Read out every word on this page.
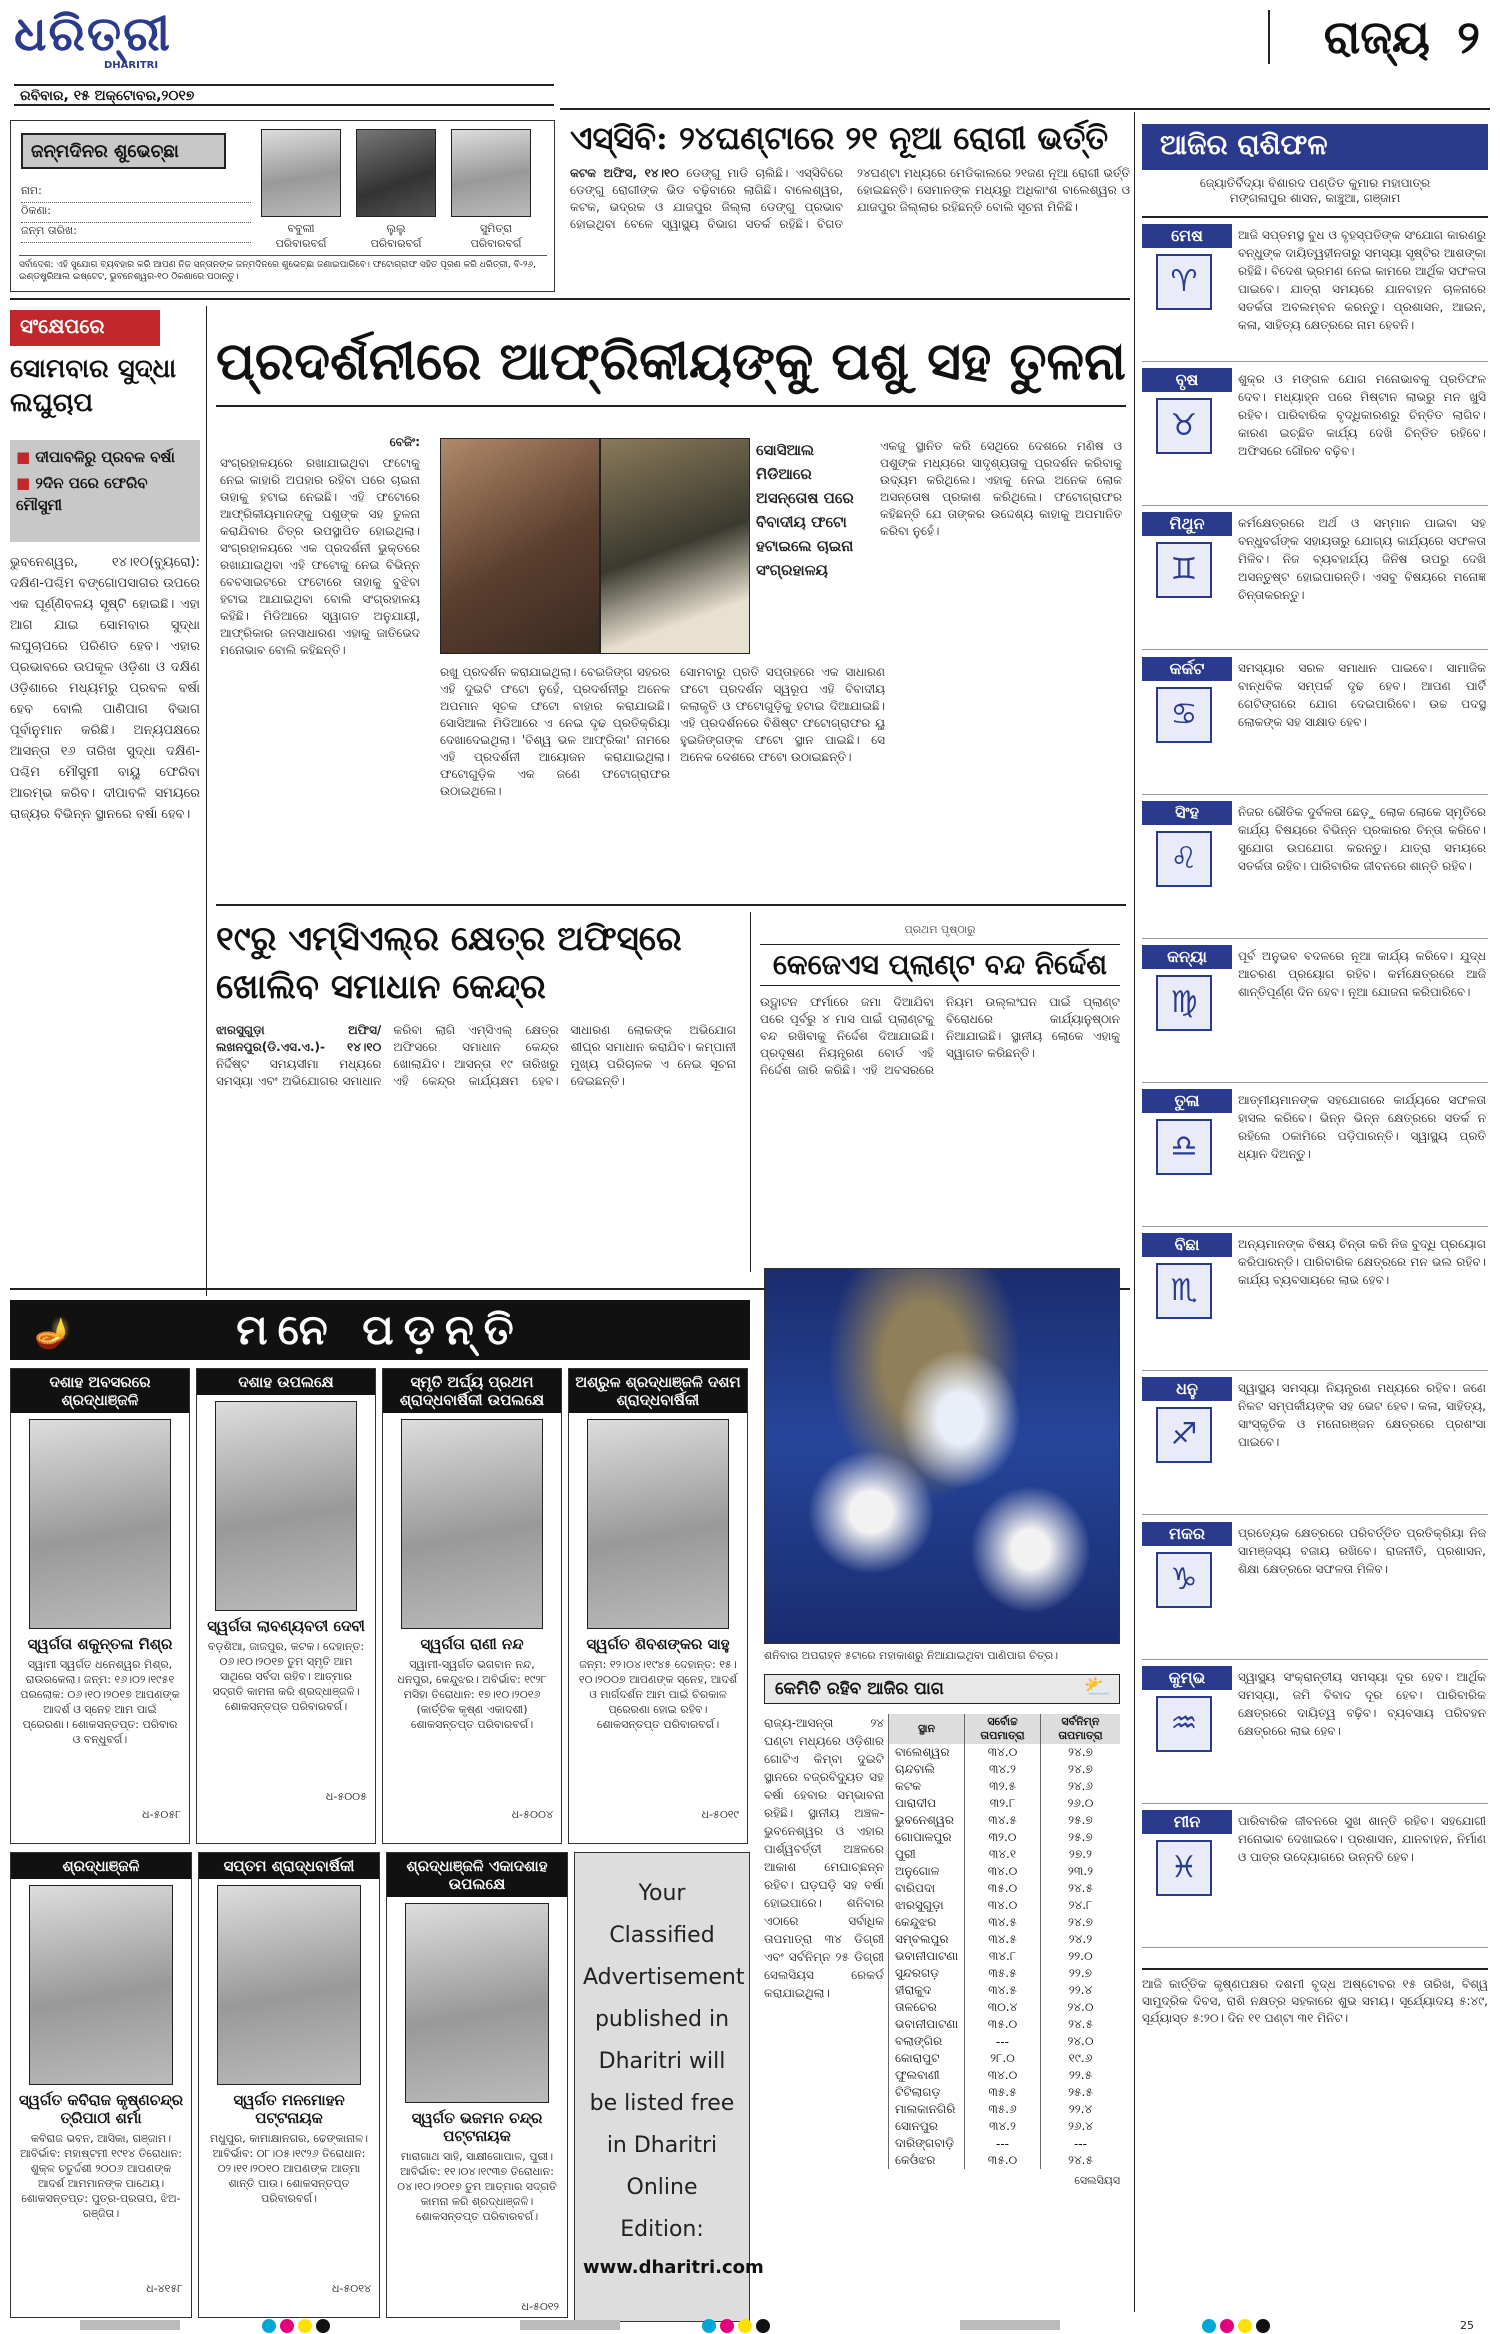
ଧରିତ୍ରୀ
DHARITRI
ରବିବାର, ୧୫ ଅକ୍ଟୋବର,୨୦୧୭
ରାଜ୍ୟ ୨
ଜନ୍ମଦିନର ଶୁଭେଚ୍ଛା
ନାମ:
ଠିକଣା:
ଜନ୍ମ ତାରିଖ:	ବବୁଲୀ
ପରିବାରବର୍ଗ
ଲୁଲୁ
ପରିବାରବର୍ଗ
ସୁମିତ୍ରା
ପରିବାରବର୍ଗ
ସର୍ବାଦେଶ: ଏହି ସୁଯୋଗ ବ୍ୟବହାର କରି ଆପଣ ନିଜ ସନ୍ତାନଙ୍କ ଜନ୍ମଦିନରେ ଶୁଭେଚ୍ଛା ଜଣାଇପାରିବେ। ଫଟୋଗ୍ରାଫ ସହିତ ପୂରଣ କରି ଧରିତ୍ରୀ, ବି-୨୬, ଇଣ୍ଡଷ୍ଟ୍ରିଆଲ ଇଷ୍ଟେଟ, ଭୁବନେଶ୍ୱର-୧୦ ଠିକଣାରେ ପଠାନ୍ତୁ।
ଏସ୍‌ସିବି: ୨୪ଘଣ୍ଟାରେ ୨୧ ନୂଆ ରୋଗୀ ଭର୍ତ୍ତି
କଟକ ଅଫିସ, ୧୪।୧୦ ଡେଙ୍ଗୁ ମାଡି ଚାଲିଛି। ଏସ୍‌ସିବିରେ ଡେଙ୍ଗୁ ରୋଗୀଙ୍କ ଭିଡ ବଢ଼ିବାରେ ଲାଗିଛି। ବାଲେଶ୍ୱର, କଟକ, ଭଦ୍ରକ ଓ ଯାଜପୁର ଜିଲ୍ଲା ଡେଙ୍ଗୁ ପ୍ରଭାବ ହୋଇଥିବା ବେଳେ ସ୍ୱାସ୍ଥ୍ୟ ବିଭାଗ ସତର୍କ ରହିଛି। ବିଗତ ୨୪ଘଣ୍ଟା ମଧ୍ୟରେ ମେଡିକାଲରେ ୨୧ଜଣ ନୂଆ ରୋଗୀ ଭର୍ତ୍ତି ହୋଇଛନ୍ତି। ସେମାନଙ୍କ ମଧ୍ୟରୁ ଅଧିକାଂଶ ବାଲେଶ୍ୱର ଓ ଯାଜପୁର ଜିଲ୍ଲାର ରହିଛନ୍ତି ବୋଲି ସୂଚନା ମିଳିଛି।
ଆଜିର ରାଶିଫଳ
ଜ୍ୟୋତିର୍ବିଦ୍ୟା ବିଶାରଦ ପଣ୍ଡିତ କୁମାର ମହାପାତ୍ର
ମଙ୍ଗଳାପୁର ଶାସନ, କାଞ୍ଚୁଆ, ଗଞ୍ଜାମ
ମେଷ
♈
ଆଜି ସପ୍ତମସ୍ଥ ବୁଧ ଓ ବୃହସ୍ପତିଙ୍କ ସଂଯୋଗ କାରଣରୁ ବନ୍ଧୁଙ୍କ ଦାୟିତ୍ୱହୀନତାରୁ ସମସ୍ୟା ସୃଷ୍ଟିର ଆଶଙ୍କା ରହିଛି। ବିଦେଶ ଭ୍ରମଣ ନେଇ କାମରେ ଆର୍ଥିକ ସଫଳତା ପାଇବେ। ଯାତ୍ରା ସମୟରେ ଯାନବାହନ ଚାଳନାରେ ସତର୍କତା ଅବଲମ୍ବନ କରନ୍ତୁ। ପ୍ରଶାସନ, ଆଇନ, କଳା, ସାହିତ୍ୟ କ୍ଷେତ୍ରରେ ନାମ ହେବନି।
ବୃଷ
♉
ଶୁକ୍ର ଓ ମଙ୍ଗଳ ଯୋଗ ମନୋଭାବକୁ ପ୍ରତିଫଳ ଦେବ। ମଧ୍ୟାହ୍ନ ପରେ ମିଷ୍ଟାନ ଲାଭରୁ ମନ ଖୁସି ରହିବ। ପାରିବାରିକ ବୃଦ୍ଧିକାରଣରୁ ଚିନ୍ତିତ ଲାଗିବ। କାରଣ ଇଚ୍ଛିତ କାର୍ଯ୍ୟ ଦେଖି ଚିନ୍ତିତ ରହିବେ। ଅଫିସରେ ଗୌରବ ବଢ଼ିବ।
ମିଥୁନ
♊
କର୍ମକ୍ଷେତ୍ରରେ ଅର୍ଥ ଓ ସମ୍ମାନ ପାଇବା ସହ ବନ୍ଧୁବର୍ଗଙ୍କ ସହାୟତାରୁ ଯୋଗ୍ୟ କାର୍ଯ୍ୟରେ ସଫଳତା ମିଳିବ। ନିଜ ବ୍ୟବହାର୍ଯ୍ୟ ଜିନିଷ ଉପରୁ ଦେଖି ଅସନ୍ତୁଷ୍ଟ ହୋଇପାରନ୍ତି। ଏସବୁ ବିଷୟରେ ମନୋଜ୍ଞ ଚିନ୍ତାକରନ୍ତୁ।
କର୍କଟ
♋
ସମସ୍ୟାର ସରଳ ସମାଧାନ ପାଇବେ। ସାମାଜିକ ବାନ୍ଧବିକ ସମ୍ପର୍କ ଦୃଢ ହେବ। ଆପଣ ପାର୍ଟି ଗେଟିଙ୍ଗରେ ଯୋଗ ଦେଇପାରିବେ। ଉଚ୍ଚ ପଦସ୍ଥ ଲୋକଙ୍କ ସହ ସାକ୍ଷାତ ହେବ।
ସିଂହ
♌
ନିଜର ଭୌତିକ ଦୁର୍ବଳତା ଛେଡ଼ୁ ଲୋକ ଲୋକେ ସ୍ମୃତିରେ କାର୍ଯ୍ୟ ବିଷୟରେ ବିଭିନ୍ନ ପ୍ରକାରର ଚିନ୍ତା କରିବେ। ସୁଯୋଗ ଉପଯୋଗ କରନ୍ତୁ। ଯାତ୍ରା ସମୟରେ ସତର୍କତା ରହିବ। ପାରିବାରିକ ଜୀବନରେ ଶାନ୍ତି ରହିବ।
କନ୍ୟା
♍
ପୂର୍ବ ଅନୁଭବ ବଦଳରେ ନୂଆ କାର୍ଯ୍ୟ କରିବେ। ଯୁଦ୍ଧ ଆଚରଣ ପ୍ରୟୋଗ ରହିବ। କର୍ମକ୍ଷେତ୍ରରେ ଆଜି ଶାନ୍ତିପୂର୍ଣ୍ଣ ଦିନ ହେବ। ନୂଆ ଯୋଜନା କରିପାରିବେ।
ତୁଳା
♎
ଆତ୍ମୀୟମାନଙ୍କ ସହଯୋଗରେ କାର୍ଯ୍ୟରେ ସଫଳତା ହାସଲ କରିବେ। ଭିନ୍ନ ଭିନ୍ନ କ୍ଷେତ୍ରରେ ସତର୍କ ନ ରହିଲେ ଠକାମିରେ ପଡ଼ିପାରନ୍ତି। ସ୍ୱାସ୍ଥ୍ୟ ପ୍ରତି ଧ୍ୟାନ ଦିଅନ୍ତୁ।
ବିଛା
♏
ଅନ୍ୟମାନଙ୍କ ବିଷୟ ଚିନ୍ତା କରି ନିଜ ବୁଦ୍ଧି ପ୍ରୟୋଗ କରିପାରନ୍ତି। ପାରିବାରିକ କ୍ଷେତ୍ରରେ ମନ ଭଲ ରହିବ। କାର୍ଯ୍ୟ ବ୍ୟବସାୟରେ ଲାଭ ହେବ।
ଧନୁ
♐
ସ୍ୱାସ୍ଥ୍ୟ ସମସ୍ୟା ନିୟନ୍ତ୍ରଣ ମଧ୍ୟରେ ରହିବ। ଜଣେ ନିକଟ ସମ୍ପର୍କୀୟଙ୍କ ସହ ଭେଟ ହେବ। କଳା, ସାହିତ୍ୟ, ସାଂସ୍କୃତିକ ଓ ମନୋରଞ୍ଜନ କ୍ଷେତ୍ରରେ ପ୍ରଶଂସା ପାଇବେ।
ମକର
♑
ପ୍ରତ୍ୟେକ କ୍ଷେତ୍ରରେ ପରିବର୍ତ୍ତିତ ପ୍ରତିକ୍ରିୟା ନିଜ ସାମଞ୍ଜସ୍ୟ ବଜାୟ ରଖିବେ। ରାଜନୀତି, ପ୍ରଶାସନ, ଶିକ୍ଷା କ୍ଷେତ୍ରରେ ସଫଳତା ମିଳିବ।
କୁମ୍ଭ
♒
ସ୍ୱାସ୍ଥ୍ୟ ସଂକ୍ରାନ୍ତୀୟ ସମସ୍ୟା ଦୂର ହେବ। ଆର୍ଥିକ ସମସ୍ୟା, ଜମି ବିବାଦ ଦୂର ହେବ। ପାରିବାରିକ କ୍ଷେତ୍ରରେ ଦାୟିତ୍ୱ ବଢ଼ିବ। ବ୍ୟବସାୟ ପରିବହନ କ୍ଷେତ୍ରରେ ଲାଭ ହେବ।
ମୀନ
♓
ପାରିବାରିକ ଜୀବନରେ ସୁଖ ଶାନ୍ତି ରହିବ। ସହଯୋଗୀ ମନୋଭାବ ଦେଖାଇବେ। ପ୍ରଶାସନ, ଯାନବାହନ, ନିର୍ମାଣ ଓ ପାତ୍ର ଉଦ୍ୟୋଗରେ ଉନ୍ନତି ହେବ।
ଆଜି କାର୍ତ୍ତିକ କୃଷ୍ଣପକ୍ଷର ଦଶମୀ ବୃଦ୍ଧ ଅଷ୍ଟୋବର ୧୫ ତାରିଖ, ବିଶ୍ୱ ସାମୁଦ୍ରିକ ଦିବସ, ରାଶି ନକ୍ଷତ୍ର ସହକାରେ ଶୁଭ ସମୟ। ସୂର୍ଯ୍ୟୋଦୟ ୫:୪୯, ସୂର୍ଯ୍ୟାସ୍ତ ୫:୨୦। ଦିନ ୧୧ ଘଣ୍ଟା ୩୧ ମିନିଟ।
ସଂକ୍ଷେପରେ
ସୋମବାର ସୁଦ୍ଧା ଲଘୁଚାପ
■ ଦୀପାବଳିରୁ ପ୍ରବଳ ବର୍ଷା
■ ୨ଦିନ ପରେ ଫେରିବ ମୌସୁମୀ
ଭୁବନେଶ୍ୱର, ୧୪।୧୦(ବ୍ୟୁରୋ): ଦକ୍ଷିଣ-ପଶ୍ଚିମ ବଙ୍ଗୋପସାଗର ଉପରେ ଏକ ଘୂର୍ଣ୍ଣିବଳୟ ସୃଷ୍ଟି ହୋଇଛି। ଏହା ଆଗ ଯାଇ ସୋମବାର ସୁଦ୍ଧା ଲଘୁଚାପରେ ପରିଣତ ହେବ। ଏହାର ପ୍ରଭାବରେ ଉପକୂଳ ଓଡ଼ିଶା ଓ ଦକ୍ଷିଣ ଓଡ଼ିଶାରେ ମଧ୍ୟମରୁ ପ୍ରବଳ ବର୍ଷା ହେବ ବୋଲି ପାଣିପାଗ ବିଭାଗ ପୂର୍ବାନୁମାନ କରିଛି। ଅନ୍ୟପକ୍ଷରେ ଆସନ୍ତା ୧୬ ତାରିଖ ସୁଦ୍ଧା ଦକ୍ଷିଣ-ପଶ୍ଚିମ ମୌସୁମୀ ବାୟୁ ଫେରିବା ଆରମ୍ଭ କରିବ। ଦୀପାବଳି ସମୟରେ ରାଜ୍ୟର ବିଭିନ୍ନ ସ୍ଥାନରେ ବର୍ଷା ହେବ।
ପ୍ରଦର୍ଶନୀରେ ଆଫ୍ରିକୀୟଙ୍କୁ ପଶୁ ସହ ତୁଳନା
ବେଜିଂ:
ସଂଗ୍ରହାଳୟରେ ରଖାଯାଇଥିବା ଫଟୋକୁ ନେଇ କାହାରି ଅପହାର ରହିବା ପରେ ଚାଇନା ତାହାକୁ ହଟାଇ ନେଇଛି। ଏହି ଫଟୋରେ ଆଫ୍ରିକୀୟମାନଙ୍କୁ ପଶୁଙ୍କ ସହ ତୁଳନା କରାଯିବାର ଚିତ୍ର ଉପସ୍ଥାପିତ ହୋଇଥିଲା। ସଂଗ୍ରହାଳୟରେ ଏକ ପ୍ରଦର୍ଶନୀ ଭୁକ୍ତରେ ରଖାଯାଇଥିବା ଏହି ଫଟୋକୁ ନେଇ ବିଭିନ୍ନ ବେବସାଇଟରେ ଫଟୋରେ ତାହାକୁ ବୁଝିବା ହଟାଇ ଆଯାଇଥିବା ବୋଲି ସଂଗ୍ରହାଳୟ କହିଛି। ମିଡିଆରେ ସ୍ୱାଗତ ଅନୁଯାୟୀ, ଆଫ୍ରିକାର ଜନସାଧାରଣ ଏହାକୁ ଜାତିଭେଦ ମନୋଭାବ ବୋଲି କହିଛନ୍ତି।
ସୋସିଆଲ ମିଡିଆରେ ଅସନ୍ତୋଷ ପରେ ବିବାଦୀୟ ଫଟୋ ହଟାଇଲେ ଚାଇନା ସଂଗ୍ରହାଳୟ
ରଖୁ ପ୍ରଦର୍ଶନ କରାଯାଇଥିଲା। ବେଇଜିଙ୍ଗ ସହରର ଏହି ଦୁଇଟି ଫଟୋ ନୁହେଁ, ପ୍ରଦର୍ଶନୀରୁ ଅନେକ ଅପମାନ ସୂଚକ ଫଟୋ ବାହାର କରାଯାଇଛି। ସୋସିଆଲ ମିଡିଆରେ ଏ ନେଇ ଦୃଢ ପ୍ରତିକ୍ରିୟା ଦେଖାଦେଇଥିଲା। 'ବିଶ୍ୱ ଭଳ ଆଫ୍ରିକା' ନାମରେ ଏହି ପ୍ରଦର୍ଶନୀ ଆୟୋଜନ କରାଯାଇଥିଲା। ଫଟୋଗୁଡ଼ିକ ଏକ ଜଣେ ଫଟୋଗ୍ରାଫର ଉଠାଇଥିଲେ।
ସୋମବାରୁ ପ୍ରତି ସପ୍ତାହରେ ଏକ ସାଧାରଣ ଫଟୋ ପ୍ରଦର୍ଶନ ସ୍ୱରୂପ ଏହି ବିବାଦୀୟ କଲାକୃତି ଓ ଫଟୋଗୁଡ଼ିକୁ ହଟାଇ ଦିଆଯାଇଛି। ଏହି ପ୍ରଦର୍ଶନରେ ବିଶିଷ୍ଟ ଫଟୋଗ୍ରାଫର ୟୁ ହୁଇଜିଙ୍ଗଙ୍କ ଫଟୋ ସ୍ଥାନ ପାଇଛି। ସେ ଅନେକ ଦେଶରେ ଫଟୋ ଉଠାଇଛନ୍ତି।
ଏକଜୁ ସ୍ଥାନିତ କରି ସେଥିରେ ଦେଶରେ ମଣିଷ ଓ ପଶୁଙ୍କ ମଧ୍ୟରେ ସାଦୃଶ୍ୟତାକୁ ପ୍ରଦର୍ଶନ କରିବାକୁ ଉଦ୍ୟମ କରିଥିଲେ। ଏହାକୁ ନେଇ ଅନେକ ଲୋକ ଅସନ୍ତୋଷ ପ୍ରକାଶ କରିଥିଲେ। ଫଟୋଗ୍ରାଫର କହିଛନ୍ତି ଯେ ତାଙ୍କର ଉଦ୍ଦେଶ୍ୟ କାହାକୁ ଅପମାନିତ କରିବା ନୁହେଁ।
୧୯ରୁ ଏମ୍‌ସିଏଲ୍‌ର କ୍ଷେତ୍ର ଅଫିସ୍‌ରେ
ଖୋଲିବ ସମାଧାନ କେନ୍ଦ୍ର
ଝାରସୁଗୁଡ଼ା ଅଫିସ/ ଲଖନପୁର(ଡି.ଏସ.ଏ.)- ୧୪।୧୦ ନିର୍ଦ୍ଦିଷ୍ଟ ସମୟସୀମା ମଧ୍ୟରେ ସମସ୍ୟା ଏବଂ ଅଭିଯୋଗର ସମାଧାନ କରିବା ଲାଗି ଏମ୍‌ସିଏଲ୍ କ୍ଷେତ୍ର ଅଫିସରେ ସମାଧାନ କେନ୍ଦ୍ର ଖୋଲାଯିବ। ଆସନ୍ତା ୧୯ ତାରିଖରୁ ଏହି କେନ୍ଦ୍ର କାର୍ଯ୍ୟକ୍ଷମ ହେବ। ସାଧାରଣ ଲୋକଙ୍କ ଅଭିଯୋଗ ଶୀଘ୍ର ସମାଧାନ କରାଯିବ। କମ୍ପାନୀ ମୁଖ୍ୟ ପରିଚାଳକ ଏ ନେଇ ସୂଚନା ଦେଇଛନ୍ତି।
ପ୍ରଥମ ପୃଷ୍ଠାରୁ
କେଜେଏସ ପ୍ଲାଣ୍ଟ ବନ୍ଦ ନିର୍ଦ୍ଦେଶ
ଉଦ୍ଘାଟନ ଫର୍ମାରେ ଜମା ଦିଆଯିବା ପରେ ପୂର୍ବରୁ ୪ ମାସ ପାଇଁ ପ୍ଲାଣ୍ଟକୁ ବନ୍ଦ ରଖିବାକୁ ନିର୍ଦ୍ଦେଶ ଦିଆଯାଇଛି। ପ୍ରଦୂଷଣ ନିୟନ୍ତ୍ରଣ ବୋର୍ଡ ଏହି ନିର୍ଦ୍ଦେଶ ଜାରି କରିଛି। ଏହି ଅବସରରେ ନିୟମ ଉଲ୍ଲଂଘନ ପାଇଁ ପ୍ଲାଣ୍ଟ ବିରୋଧରେ କାର୍ଯ୍ୟାନୁଷ୍ଠାନ ନିଆଯାଇଛି। ସ୍ଥାନୀୟ ଲୋକେ ଏହାକୁ ସ୍ୱାଗତ କରିଛନ୍ତି।
ଶନିବାର ଅପରାହ୍ନ ୫ଟାରେ ମହାକାଶରୁ ନିଆଯାଇଥିବା ପାଣିପାଗ ଚିତ୍ର।
କେମିତି ରହିବ ଆଜିର ପାଗ	⛅
ରାଜ୍ୟ-ଆସନ୍ତା ୨୪ ଘଣ୍ଟା ମଧ୍ୟରେ ଓଡ଼ିଶାର ଗୋଟିଏ କିମ୍ବା ଦୁଇଟି ସ୍ଥାନରେ ବଜ୍ରବିଦ୍ୟୁତ ସହ ବର୍ଷା ହେବାର ସମ୍ଭାବନା ରହିଛି। ସ୍ଥାନୀୟ ଅଞ୍ଚଳ- ଭୁବନେଶ୍ୱର ଓ ଏହାର ପାର୍ଶ୍ୱବର୍ତ୍ତୀ ଅଞ୍ଚଳରେ ଆକାଶ ମେଘାଚ୍ଛନ୍ନ ରହିବ। ଘଡ଼ଘଡ଼ି ସହ ବର୍ଷା ହୋଇପାରେ। ଶନିବାର ଏଠାରେ ସର୍ବାଧିକ ତାପମାତ୍ରା ୩୪ ଡିଗ୍ରୀ ଏବଂ ସର୍ବନିମ୍ନ ୨୫ ଡିଗ୍ରୀ ସେଲସିୟସ ରେକର୍ଡ କରାଯାଇଥିଲା।
ସ୍ଥାନ	ସର୍ବୋଚ୍ଚ ତାପମାତ୍ରା	ସର୍ବନିମ୍ନ ତାପମାତ୍ରା
ବାଲେଶ୍ୱର	୩୪.୦	୨୪.୭
ଚାନ୍ଦବାଲି	୩୪.୨	୨୪.୭
କଟକ	୩୨.୫	୨୪.୬
ପାରାଦୀପ	୩୨.୮	୨୬.୦
ଭୁବନେଶ୍ୱର	୩୪.୫	୨୫.୭
ଗୋପାଳପୁର	୩୨.୦	୨୫.୭
ପୁରୀ	୩୪.୧	୨୭.୨
ଅନୁଗୋଳ	୩୪.୦	୨୩.୨
ବାରିପଦା	୩୫.୦	୨୪.୫
ଝାରସୁଗୁଡ଼ା	୩୪.୦	୨୪.୮
କେନ୍ଦୁଝର	୩୪.୫	୨୪.୭
ସମ୍ବଲପୁର	୩୪.୫	୨୪.୨
ଭବାନୀପାଟଣା	୩୪.୮	୨୨.୦
ସୁନ୍ଦରଗଡ଼	୩୫.୫	୨୨.୭
ହୀରାକୁଦ	୩୪.୫	୨୨.୪
ତାଳଚେର	୩୦.୪	୨୪.୦
ଭବାନୀପାଟଣା	୩୫.୦	୨୪.୫
ବଲାଙ୍ଗିର	---	୨୪.୦
କୋରାପୁଟ	୨୮.୦	୧୯.୬
ଫୁଲବାଣୀ	୩୪.୦	୨୨.୫
ଟିଟିଲାଗଡ଼	୩୫.୫	୨୫.୫
ମାଲକାନଗିରି	୩୫.୬	୨୨.୪
ସୋନପୁର	୩୪.୨	୨୬.୪
ଦାରିଙ୍ଗବାଡ଼ି	---	---
କେଓଁଝର	୩୫.୦	୨୪.୫
ସେଲସିୟସ
🪔	ମନେ ପଡ଼ନ୍ତି
ଦଶାହ ଅବସରରେ ଶ୍ରଦ୍ଧାଞ୍ଜଳି
ସ୍ୱର୍ଗତା ଶକୁନ୍ତଳା ମିଶ୍ର
ସ୍ୱାମୀ ସ୍ୱର୍ଗତ ଧନେଶ୍ୱର ମିଶ୍ର, ରାଉରକେଲା। ଜନ୍ମ: ୧୬।୦୨।୧୯୫୧ ପରଲୋକ: ୦୬।୧୦।୨୦୧୭ ଆପଣଙ୍କ ଆଦର୍ଶ ଓ ସ୍ନେହ ଆମ ପାଇଁ ପ୍ରେରଣା। ଶୋକସନ୍ତପ୍ତ: ପରିବାର ଓ ବନ୍ଧୁବର୍ଗ।
ଧ-୫୦୫୮
ଦଶାହ ଉପଲକ୍ଷେ
ସ୍ୱର୍ଗତା ଲାବଣ୍ୟବତୀ ଦେବୀ
ବଡ଼ଶିଆ, ଜାଜପୁର, କଟକ। ଦେହାନ୍ତ: ୦୬।୧୦।୨୦୧୭ ତୁମ ସ୍ମୃତି ଆମ ସାଥିରେ ସର୍ବଦା ରହିବ। ଆତ୍ମାର ସଦ୍ଗତି କାମନା କରି ଶ୍ରଦ୍ଧାଞ୍ଜଳି। ଶୋକସନ୍ତପ୍ତ ପରିବାରବର୍ଗ।
ଧ-୫୦୦୫
ସ୍ମୃତି ଅର୍ଘ୍ୟ ପ୍ରଥମ ଶ୍ରାଦ୍ଧବାର୍ଷିକୀ ଉପଲକ୍ଷେ
ସ୍ୱର୍ଗତା ରାଣୀ ନନ୍ଦ
ସ୍ୱାମୀ-ସ୍ୱର୍ଗତ ଭଗବାନ ନନ୍ଦ, ଧନପୁର, କେନ୍ଦୁଝର। ଅବିର୍ଭାବ: ୧୯୨୮ ମସିହା ତିରୋଧାନ: ୧୭।୧୦।୨୦୧୬ (କାର୍ତ୍ତିକ କୃଷ୍ଣ ଏକାଦଶୀ) ଶୋକସନ୍ତପ୍ତ ପରିବାରବର୍ଗ।
ଧ-୫୦୦୪
ଅଶ୍ରୁଳ ଶ୍ରଦ୍ଧାଞ୍ଜଳି ଦଶମ ଶ୍ରାଦ୍ଧବାର୍ଷିକୀ
ସ୍ୱର୍ଗତ ଶିବଶଙ୍କର ସାହୁ
ଜନ୍ମ: ୧୨।୦୪।୧୯୪୫ ଦେହାନ୍ତ: ୧୫।୧୦।୨୦୦୭ ଆପଣଙ୍କ ସ୍ନେହ, ଆଦର୍ଶ ଓ ମାର୍ଗଦର୍ଶନ ଆମ ପାଇଁ ଚିରକାଳ ପ୍ରେରଣା ହୋଇ ରହିବ। ଶୋକସନ୍ତପ୍ତ ପରିବାରବର୍ଗ।
ଧ-୫୦୧୯
ଶ୍ରଦ୍ଧାଞ୍ଜଳି
ସ୍ୱର୍ଗତ କବିରାଜ କୃଷ୍ଣଚନ୍ଦ୍ର ତ୍ରିପାଠୀ ଶର୍ମା
କବିରାଜ ଭବନ, ଆସିକା, ଗଞ୍ଜାମ। ଆବିର୍ଭାବ: ମହାଷ୍ଟମୀ ୧୯୧୪ ତିରୋଧାନ: ଶୁକ୍ଳ ଚତୁର୍ଦ୍ଦଶୀ ୨୦୦୬ ଆପଣଙ୍କ ଆଦର୍ଶ ଆମମାନଙ୍କ ପାଥେୟ। ଶୋକସନ୍ତପ୍ତ: ପୁତ୍ର-ପ୍ରତାପ, ଝିଅ-ରଞ୍ଜିତା।
ଧ-୪୧୫୮
ସପ୍ତମ ଶ୍ରାଦ୍ଧବାର୍ଷିକୀ
ସ୍ୱର୍ଗତ ମନମୋହନ ପଟ୍ଟନାୟକ
ମଧୁପୁର, କାମାକ୍ଷାନଗର, ଢେଙ୍କାନାଳ। ଆବିର୍ଭାବ: ୦୮।୦୫।୧୯୨୬ ତିରୋଧାନ: ୦୨।୧୧।୨୦୧୦ ଆପଣଙ୍କ ଆତ୍ମା ଶାନ୍ତି ପାଉ। ଶୋକସନ୍ତପ୍ତ ପରିବାରବର୍ଗ।
ଧ-୫୦୧୪
ଶ୍ରଦ୍ଧାଞ୍ଜଳି ଏକାଦଶାହ ଉପଲକ୍ଷେ
ସ୍ୱର୍ଗତ ଭଜମନ ଚନ୍ଦ୍ର ପଟ୍ଟନାୟକ
ମାରାଗାଥ ସାହି, ସାକ୍ଷୀଗୋପାଳ, ପୁରୀ। ଆବିର୍ଭାବ: ୧୧।୦୪।୧୯୩୭ ତିରୋଧାନ: ୦୪।୧୦।୨୦୧୭ ତୁମ ଆତ୍ମାର ସଦ୍ଗତି କାମନା କରି ଶ୍ରଦ୍ଧାଞ୍ଜଳି। ଶୋକସନ୍ତପ୍ତ ପରିବାରବର୍ଗ।
ଧ-୫୦୧୨
Your Classified Advertisement published in Dharitri will be listed free in Dharitri Online Edition:
www.dharitri.com
25
